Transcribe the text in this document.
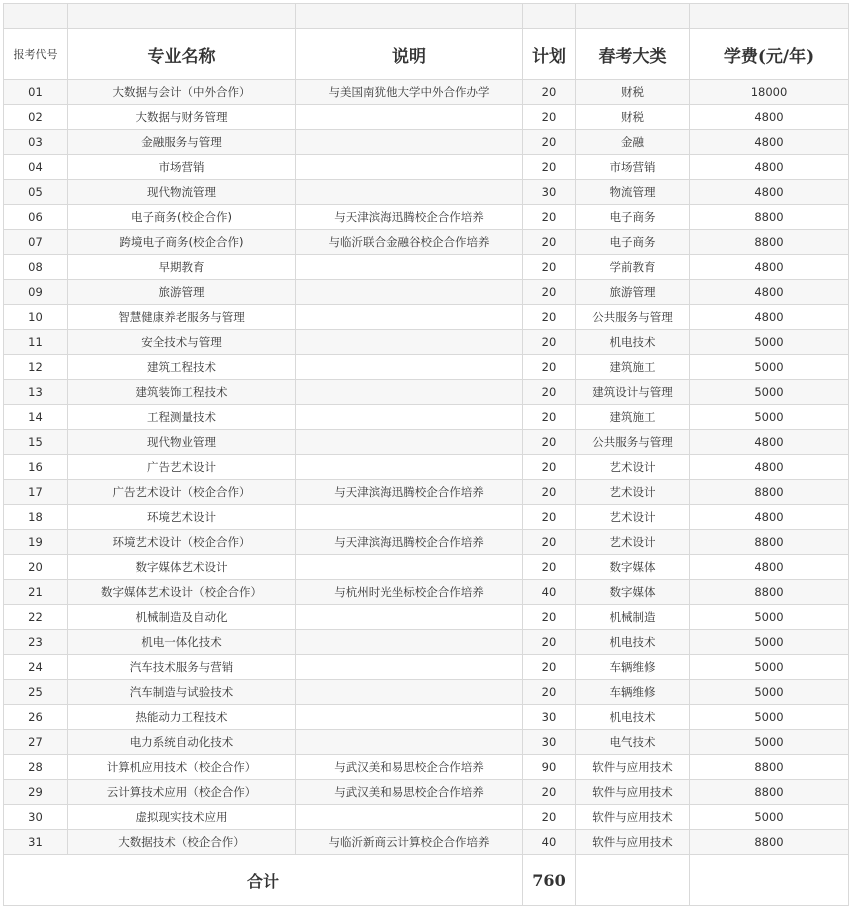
报考代号	专业名称	说明	计划	春考大类	学费(元/年)
01	大数据与会计（中外合作）	与美国南犹他大学中外合作办学	20	财税	18000
02	大数据与财务管理		20	财税	4800
03	金融服务与管理		20	金融	4800
04	市场营销		20	市场营销	4800
05	现代物流管理		30	物流管理	4800
06	电子商务(校企合作)	与天津滨海迅腾校企合作培养	20	电子商务	8800
07	跨境电子商务(校企合作)	与临沂联合金融谷校企合作培养	20	电子商务	8800
08	早期教育		20	学前教育	4800
09	旅游管理		20	旅游管理	4800
10	智慧健康养老服务与管理		20	公共服务与管理	4800
11	安全技术与管理		20	机电技术	5000
12	建筑工程技术		20	建筑施工	5000
13	建筑装饰工程技术		20	建筑设计与管理	5000
14	工程测量技术		20	建筑施工	5000
15	现代物业管理		20	公共服务与管理	4800
16	广告艺术设计		20	艺术设计	4800
17	广告艺术设计（校企合作）	与天津滨海迅腾校企合作培养	20	艺术设计	8800
18	环境艺术设计		20	艺术设计	4800
19	环境艺术设计（校企合作）	与天津滨海迅腾校企合作培养	20	艺术设计	8800
20	数字媒体艺术设计		20	数字媒体	4800
21	数字媒体艺术设计（校企合作）	与杭州时光坐标校企合作培养	40	数字媒体	8800
22	机械制造及自动化		20	机械制造	5000
23	机电一体化技术		20	机电技术	5000
24	汽车技术服务与营销		20	车辆维修	5000
25	汽车制造与试验技术		20	车辆维修	5000
26	热能动力工程技术		30	机电技术	5000
27	电力系统自动化技术		30	电气技术	5000
28	计算机应用技术（校企合作）	与武汉美和易思校企合作培养	90	软件与应用技术	8800
29	云计算技术应用（校企合作）	与武汉美和易思校企合作培养	20	软件与应用技术	8800
30	虚拟现实技术应用		20	软件与应用技术	5000
31	大数据技术（校企合作）	与临沂新商云计算校企合作培养	40	软件与应用技术	8800
合计			760		
